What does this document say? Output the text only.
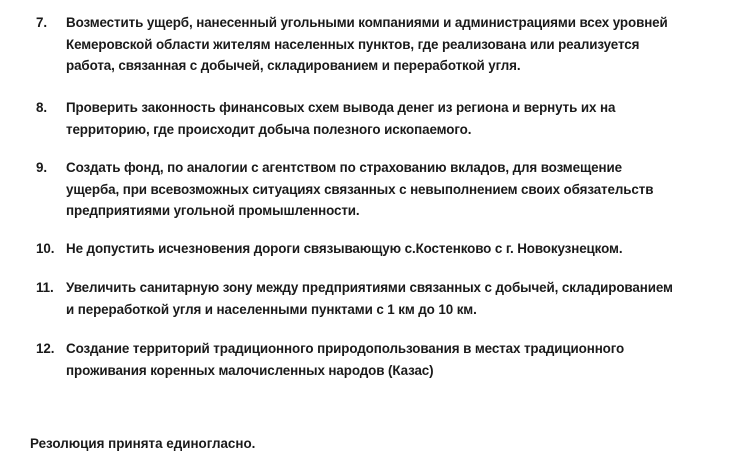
7.	Возместить ущерб, нанесенный угольными компаниями и администрациями всех уровней
Кемеровской области жителям населенных пунктов, где реализована или реализуется
работа, связанная с добычей, складированием и переработкой угля.
8.	Проверить законность финансовых схем вывода денег из региона и вернуть их на
территорию, где происходит добыча полезного ископаемого.
9.	Создать фонд, по аналогии с агентством по страхованию вкладов, для возмещение
ущерба, при всевозможных ситуациях связанных с невыполнением своих обязательств
предприятиями угольной промышленности.
10. Не допустить исчезновения дороги связывающую с.Костенково с г. Новокузнецком.
11. Увеличить санитарную зону между предприятиями связанных с добычей, складированием
и переработкой угля и населенными пунктами с 1 км до 10 км.
12. Создание территорий традиционного природопользования в местах традиционного
проживания коренных малочисленных народов (Казас)
Резолюция принята единогласно.
